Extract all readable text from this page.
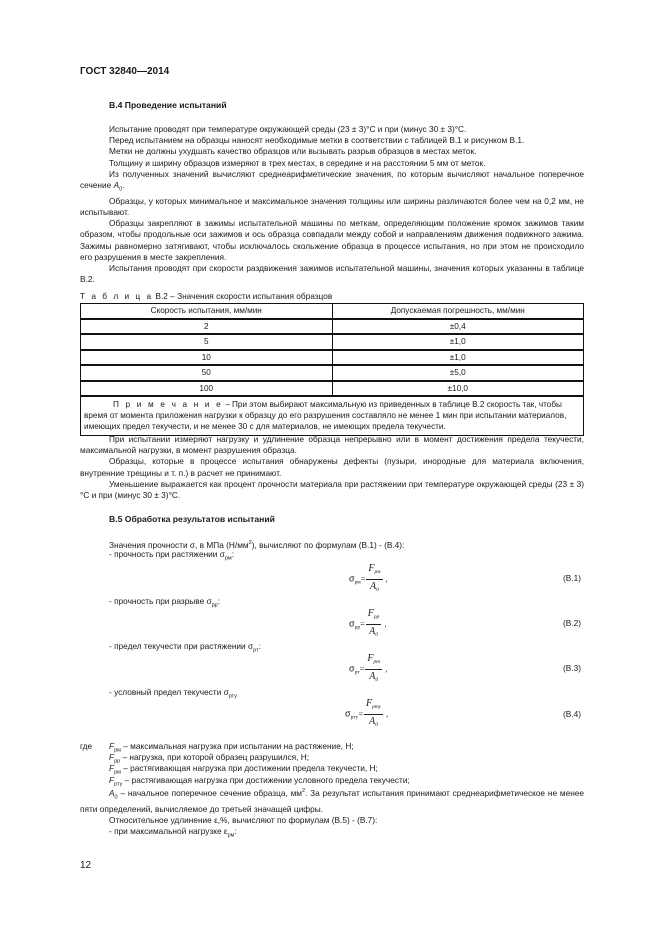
ГОСТ 32840—2014
В.4 Проведение испытаний

Испытание проводят при температуре окружающей среды (23 ± 3)°С и при (минус 30 ± 3)°С.

Перед испытанием на образцы наносят необходимые метки в соответствии с таблицей В.1 и рисунком В.1.

Метки не должны ухудшать качество образцов или вызывать разрыв образцов в местах меток.

Толщину и ширину образцов измеряют в трех местах, в середине и на расстоянии 5 мм от меток.

Из полученных значений вычисляют среднеарифметические значения, по которым вычисляют начальное поперечное сечение $A_0$.

Образцы, у которых минимальное и максимальное значения толщины или ширины различаются более чем на 0,2 мм, не испытывают.

Образцы закрепляют в зажимы испытательной машины по меткам, определяющим положение кромок зажимов таким образом, чтобы продольные оси зажимов и ось образца совпадали между собой и направлениям движения подвижного зажима. Зажимы равномерно затягивают, чтобы исключалось скольжение образца в процессе испытания, но при этом не происходило его разрушения в месте закрепления.

Испытания проводят при скорости раздвижения зажимов испытательной машины, значения которых указанны в таблице В.2.

Т а б л и ц а В.2 – Значения скорости испытания образцов
Скорость испытания, мм/мин	Допускаемая погрешность, мм/мин
2	±0,4
5	±1,0
10	±1,0
50	±5,0
100	±10,0
П р и м е ч а н и е – При этом выбирают максимальную из приведенных в таблице В.2 скорость так, чтобы время от момента приложения нагрузки к образцу до его разрушения составляло не менее 1 мин при испытании материалов, имеющих предел текучести, и не менее 30 с для материалов, не имеющих предела текучести.	

При испытании измеряют нагрузку и удлинение образца непрерывно или в момент достижения предела текучести, максимальной нагрузки, в момент разрушения образца.

Образцы, которые в процессе испытания обнаружены дефекты (пузыри, инородные для материала включения, внутренние трещины и т. п.) в расчет не принимают.

Уменьшение выражается как процент прочности материала при растяжении при температуре окружающей среды (23 ± 3)°С и при (минус 30 ± 3)°С.

В.5 Обработка результатов испытаний
Значения прочности σ, в МПа $(Н/мм^2)$, вычисляют по формулам (В.1) - (В.4):
- прочность при растяжении $\sigma_{рм}$:
$\sigma_{рм}= \frac{F_{рм}}{A_0}$ ,	(В.1)
- прочность при разрыве $\sigma_{рр}$:
$\sigma_{рр}= \frac{F_{рр}}{A_0}$ ,	(В.2)
- предел текучести при растяжении $\sigma_{рт}$:
$\sigma_{рт}= \frac{F_{рт}}{A_0}$ ,	(В.3)
- условный предел текучести $\sigma_{рту}$
$\sigma_{рту}= \frac{F_{рту}}{A_0}$ ,	(В.4)
где $F_{рм}$ – максимальная нагрузка при испытании на растяжение, Н;
$F_{рр}$ – нагрузка, при которой образец разрушился, Н;
$F_{рм}$ – растягивающая нагрузка при достижении предела текучести, Н;
$F_{рту}$ – растягивающая нагрузка при достижении условного предела текучести;

$A_0$ – начальное поперечное сечение образца, $мм^2$. За результат испытания принимают среднеарифметическое не менее пяти определений, вычисляемое до третьей значащей цифры.

Относительное удлинение ε,%, вычисляют по формулам (В.5) - (В.7):

- при максимальной нагрузке $\varepsilon_{рм}$:

12
